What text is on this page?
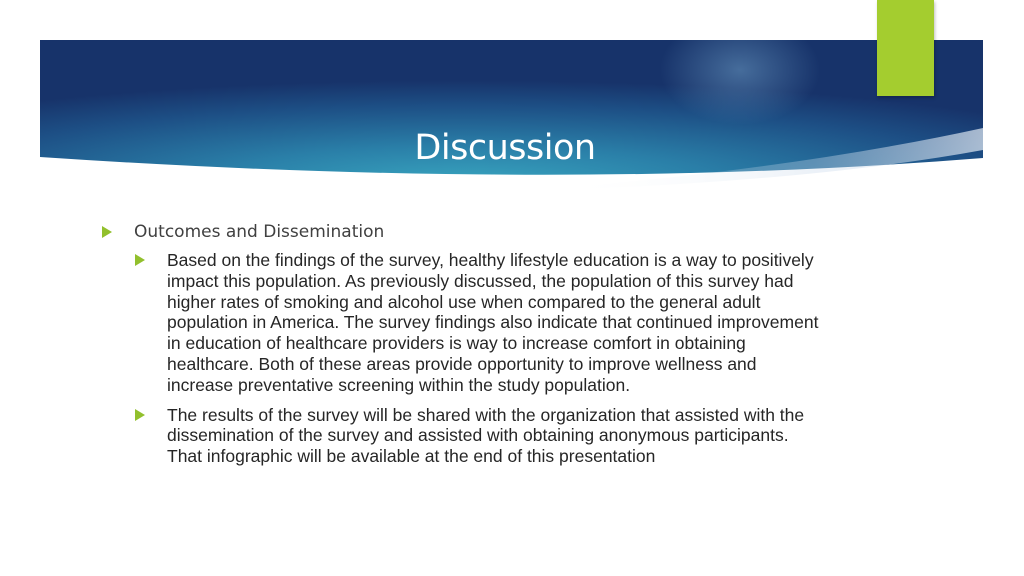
Discussion
Outcomes and Dissemination
Based on the findings of the survey, healthy lifestyle education is a way to positively impact this population. As previously discussed, the population of this survey had higher rates of smoking and alcohol use when compared to the general adult population in America. The survey findings also indicate that continued improvement in education of healthcare providers is way to increase comfort in obtaining healthcare. Both of these areas provide opportunity to improve wellness and increase preventative screening within the study population.
The results of the survey will be shared with the organization that assisted with the dissemination of the survey and assisted with obtaining anonymous participants. That infographic will be available at the end of this presentation
